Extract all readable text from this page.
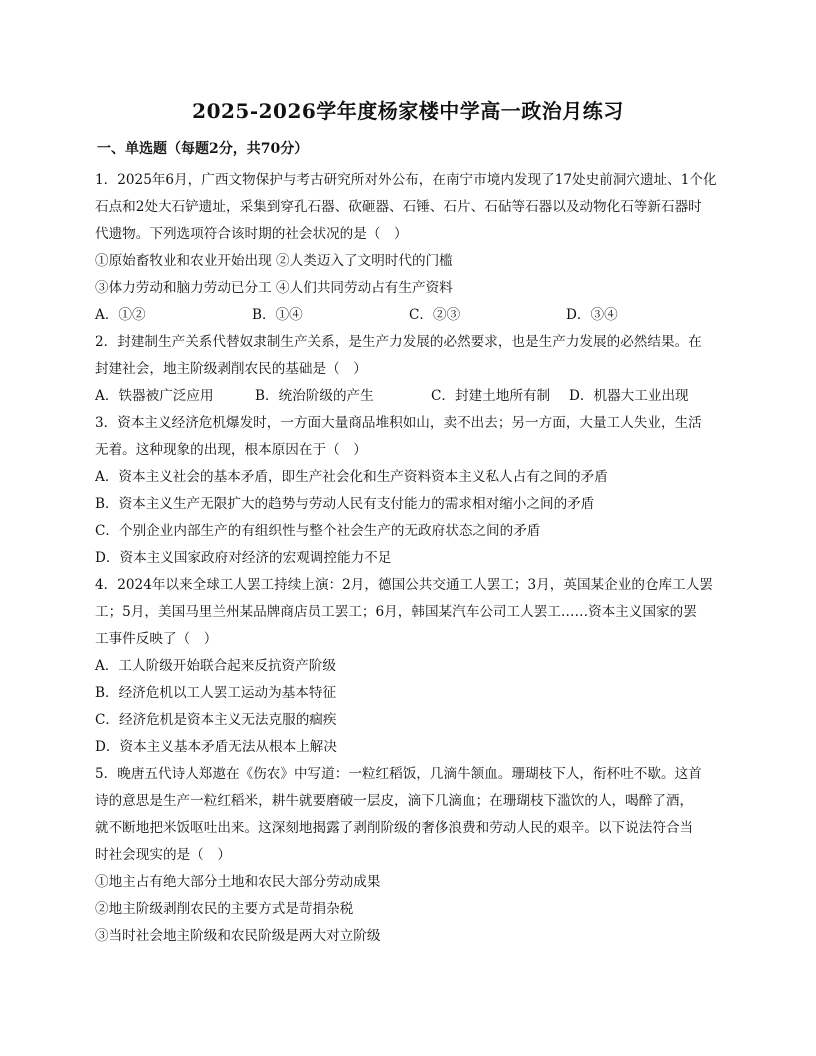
2025-2026学年度杨家楼中学高一政治月练习
一、单选题（每题2分，共70分）
1．2025年6月，广西文物保护与考古研究所对外公布，在南宁市境内发现了17处史前洞穴遗址、1个化
石点和2处大石铲遗址，采集到穿孔石器、砍砸器、石锤、石片、石砧等石器以及动物化石等新石器时
代遗物。下列选项符合该时期的社会状况的是（　）
①原始畜牧业和农业开始出现 ②人类迈入了文明时代的门槛
③体力劳动和脑力劳动已分工 ④人们共同劳动占有生产资料
A．①②	B．①④	C．②③	D．③④
2．封建制生产关系代替奴隶制生产关系，是生产力发展的必然要求，也是生产力发展的必然结果。在
封建社会，地主阶级剥削农民的基础是（　）
A．铁器被广泛应用	B．统治阶级的产生	C．封建土地所有制	D．机器大工业出现
3．资本主义经济危机爆发时，一方面大量商品堆积如山，卖不出去；另一方面，大量工人失业，生活
无着。这种现象的出现，根本原因在于（　）
A．资本主义社会的基本矛盾，即生产社会化和生产资料资本主义私人占有之间的矛盾
B．资本主义生产无限扩大的趋势与劳动人民有支付能力的需求相对缩小之间的矛盾
C．个别企业内部生产的有组织性与整个社会生产的无政府状态之间的矛盾
D．资本主义国家政府对经济的宏观调控能力不足
4．2024年以来全球工人罢工持续上演：2月，德国公共交通工人罢工；3月，英国某企业的仓库工人罢
工；5月，美国马里兰州某品牌商店员工罢工；6月，韩国某汽车公司工人罢工……资本主义国家的罢
工事件反映了（　）
A．工人阶级开始联合起来反抗资产阶级
B．经济危机以工人罢工运动为基本特征
C．经济危机是资本主义无法克服的痼疾
D．资本主义基本矛盾无法从根本上解决
5．晚唐五代诗人郑遨在《伤农》中写道：一粒红稻饭，几滴牛颔血。珊瑚枝下人，衔杯吐不歇。这首
诗的意思是生产一粒红稻米，耕牛就要磨破一层皮，滴下几滴血；在珊瑚枝下滥饮的人，喝醉了酒，
就不断地把米饭呕吐出来。这深刻地揭露了剥削阶级的奢侈浪费和劳动人民的艰辛。以下说法符合当
时社会现实的是（　）
①地主占有绝大部分土地和农民大部分劳动成果
②地主阶级剥削农民的主要方式是苛捐杂税
③当时社会地主阶级和农民阶级是两大对立阶级
